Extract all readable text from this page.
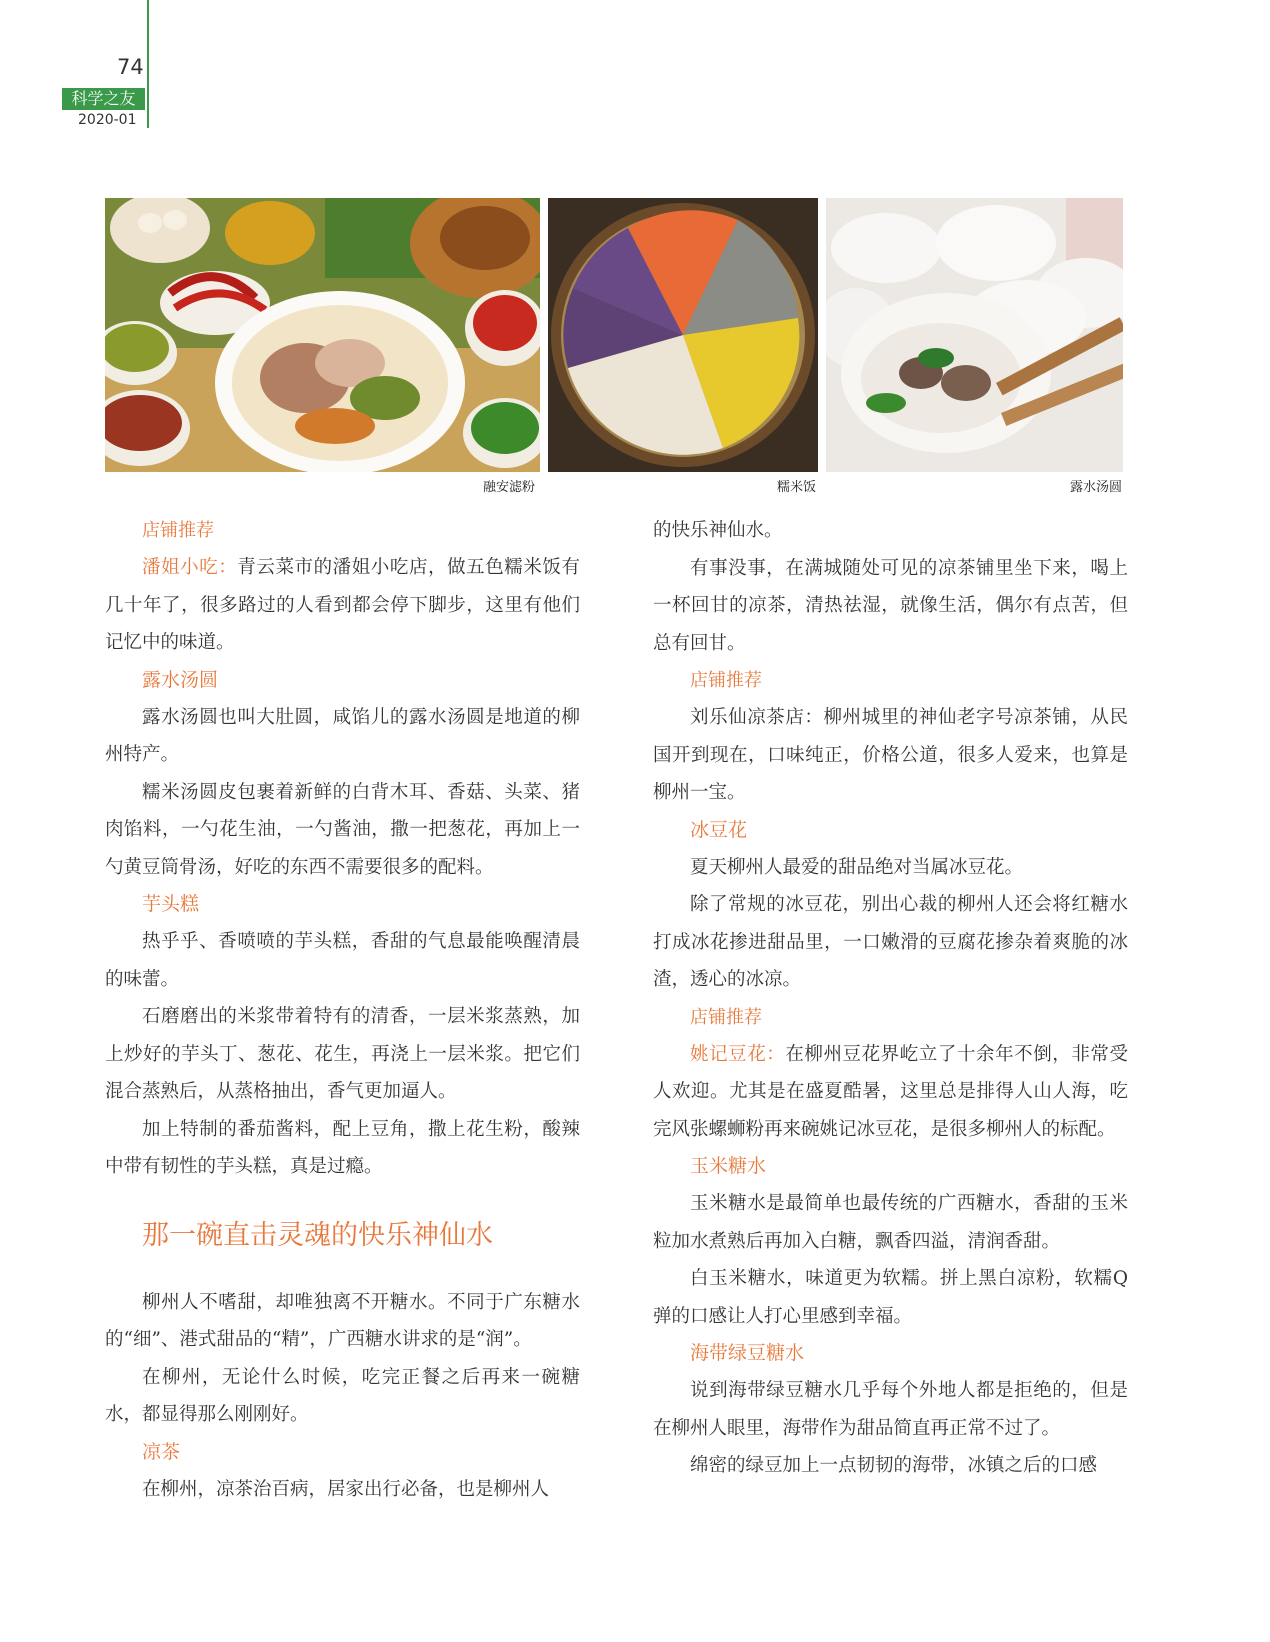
74
科学之友
2020-01
融安滤粉	糯米饭	露水汤圆
店铺推荐

潘姐小吃：青云菜市的潘姐小吃店，做五色糯米饭有几十年了，很多路过的人看到都会停下脚步，这里有他们记忆中的味道。

露水汤圆

露水汤圆也叫大肚圆，咸馅儿的露水汤圆是地道的柳州特产。

糯米汤圆皮包裹着新鲜的白背木耳、香菇、头菜、猪肉馅料，一勺花生油，一勺酱油，撒一把葱花，再加上一勺黄豆筒骨汤，好吃的东西不需要很多的配料。

芋头糕

热乎乎、香喷喷的芋头糕，香甜的气息最能唤醒清晨的味蕾。

石磨磨出的米浆带着特有的清香，一层米浆蒸熟，加上炒好的芋头丁、葱花、花生，再浇上一层米浆。把它们混合蒸熟后，从蒸格抽出，香气更加逼人。

加上特制的番茄酱料，配上豆角，撒上花生粉，酸辣中带有韧性的芋头糕，真是过瘾。

那一碗直击灵魂的快乐神仙水

柳州人不嗜甜，却唯独离不开糖水。不同于广东糖水的“细”、港式甜品的“精”，广西糖水讲求的是“润”。

在柳州，无论什么时候，吃完正餐之后再来一碗糖水，都显得那么刚刚好。

凉茶

在柳州，凉茶治百病，居家出行必备，也是柳州人

的快乐神仙水。

有事没事，在满城随处可见的凉茶铺里坐下来，喝上一杯回甘的凉茶，清热祛湿，就像生活，偶尔有点苦，但总有回甘。

店铺推荐

刘乐仙凉茶店：柳州城里的神仙老字号凉茶铺，从民国开到现在，口味纯正，价格公道，很多人爱来，也算是柳州一宝。

冰豆花

夏天柳州人最爱的甜品绝对当属冰豆花。

除了常规的冰豆花，别出心裁的柳州人还会将红糖水打成冰花掺进甜品里，一口嫩滑的豆腐花掺杂着爽脆的冰渣，透心的冰凉。

店铺推荐

姚记豆花：在柳州豆花界屹立了十余年不倒，非常受人欢迎。尤其是在盛夏酷暑，这里总是排得人山人海，吃完风张螺蛳粉再来碗姚记冰豆花，是很多柳州人的标配。

玉米糖水

玉米糖水是最简单也最传统的广西糖水，香甜的玉米粒加水煮熟后再加入白糖，飘香四溢，清润香甜。

白玉米糖水，味道更为软糯。拼上黑白凉粉，软糯Q弹的口感让人打心里感到幸福。

海带绿豆糖水

说到海带绿豆糖水几乎每个外地人都是拒绝的，但是在柳州人眼里，海带作为甜品简直再正常不过了。

绵密的绿豆加上一点韧韧的海带，冰镇之后的口感
